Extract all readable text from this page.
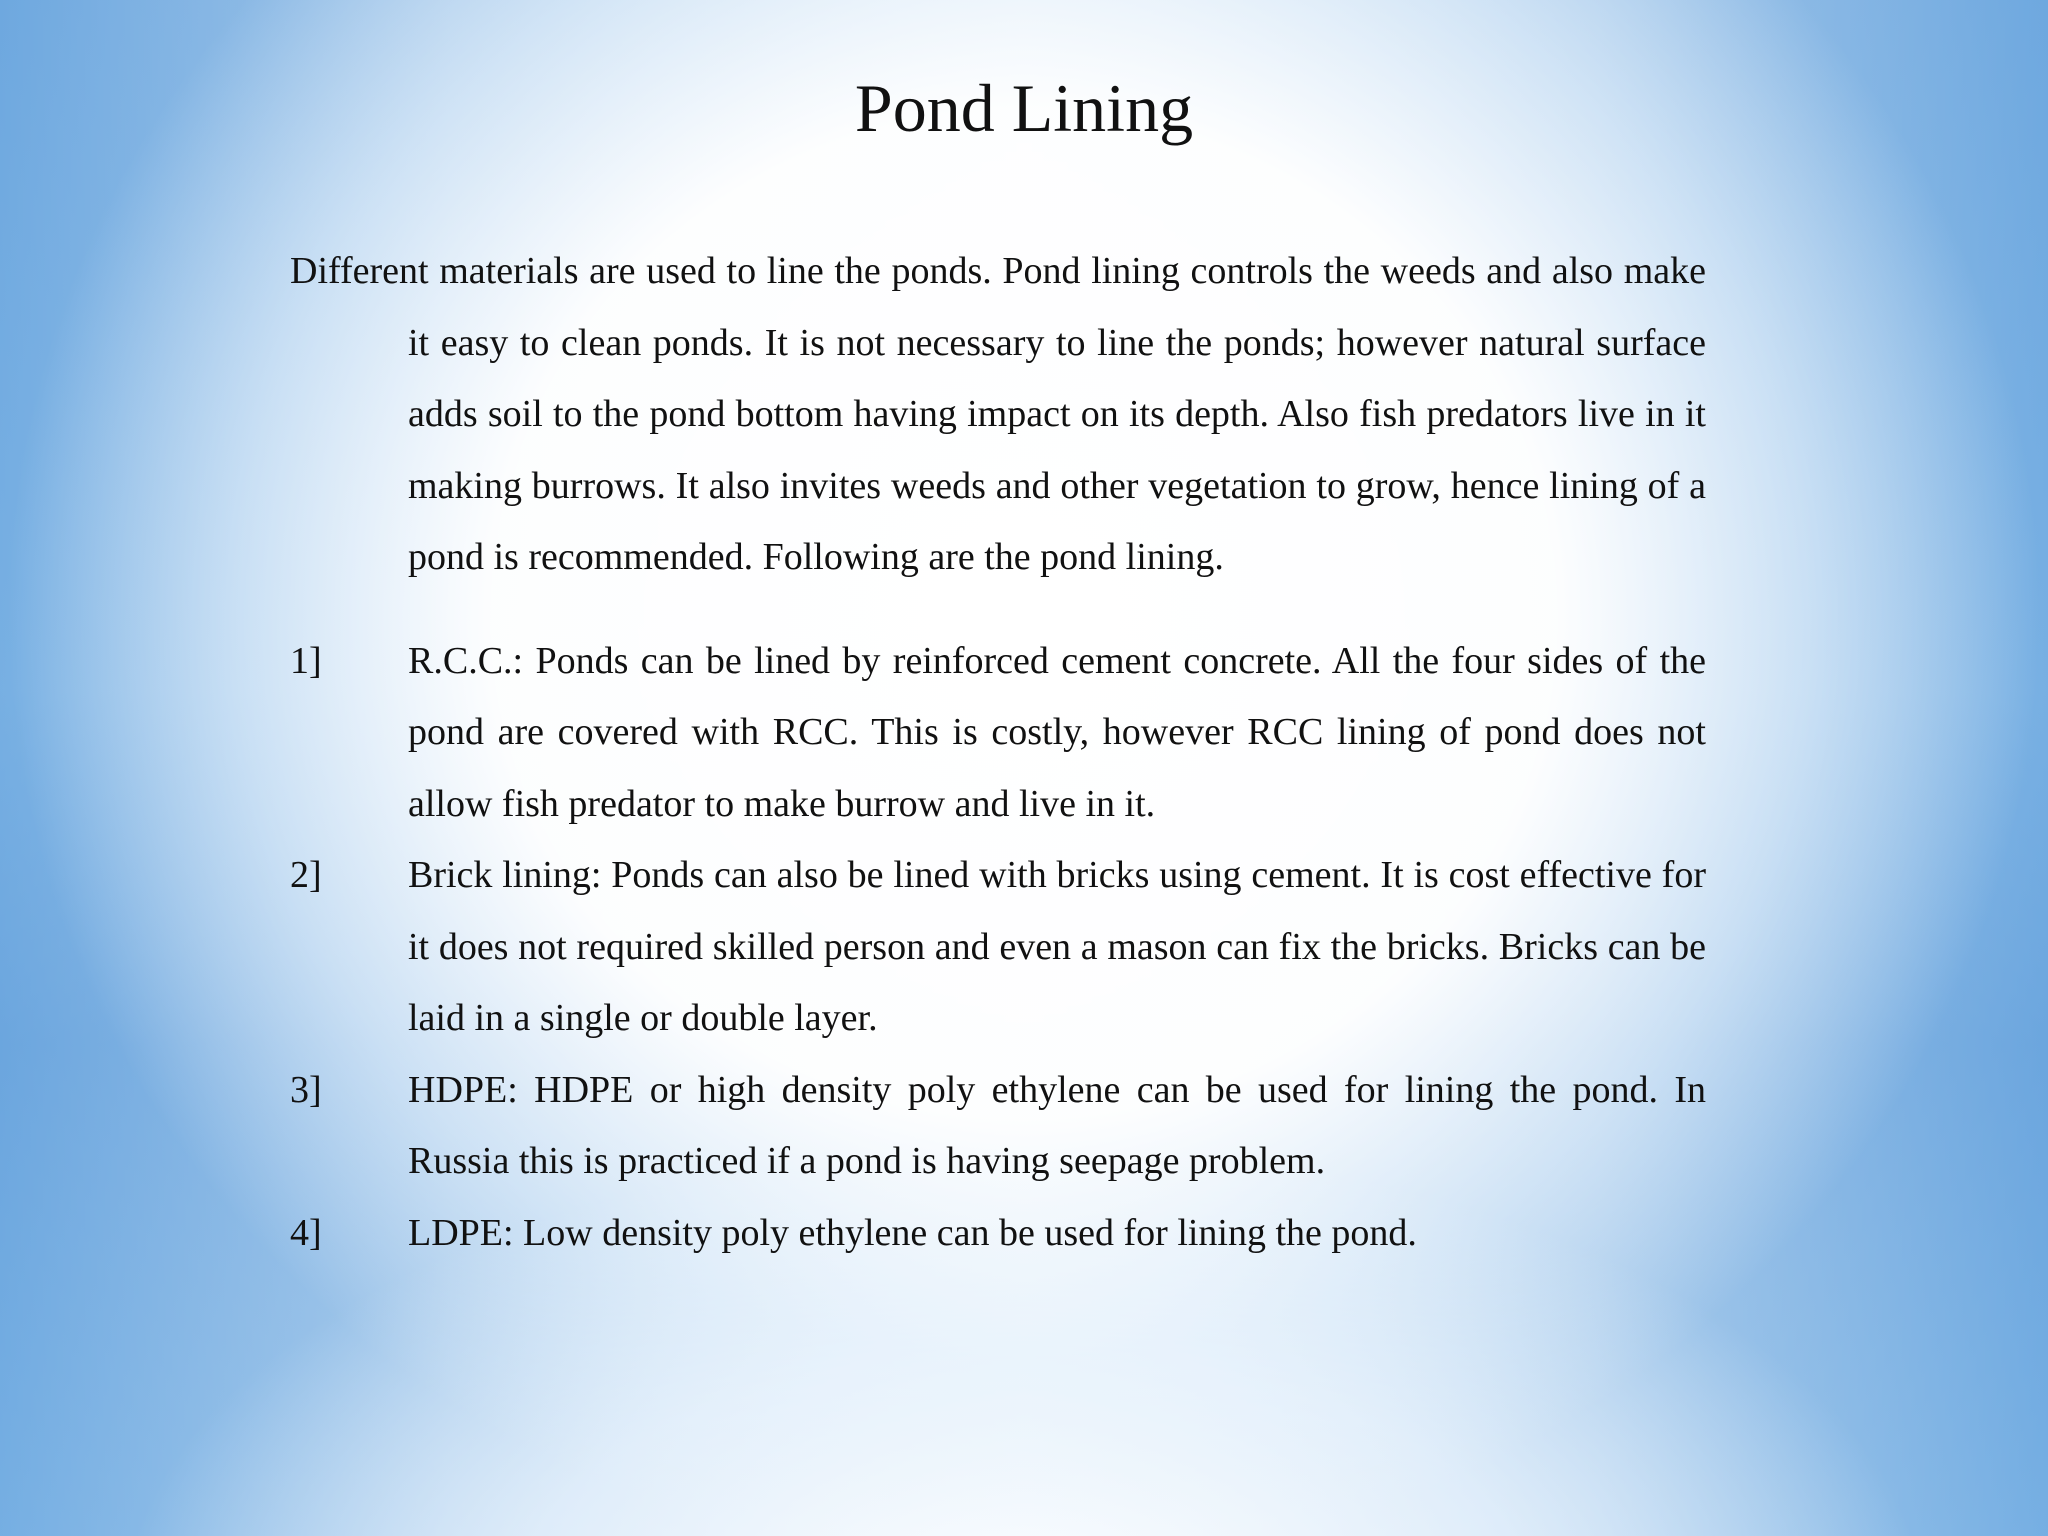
Pond Lining

Different materials are used to line the ponds. Pond lining controls the weeds and also make it easy to clean ponds. It is not necessary to line the ponds; however natural surface adds soil to the pond bottom having impact on its depth. Also fish predators live in it making burrows. It also invites weeds and other vegetation to grow, hence lining of a pond is recommended. Following are the pond lining.

1]	R.C.C.: Ponds can be lined by reinforced cement concrete. All the four sides of the pond are covered with RCC. This is costly, however RCC lining of pond does not allow fish predator to make burrow and live in it.
2]	Brick lining: Ponds can also be lined with bricks using cement. It is cost effective for it does not required skilled person and even a mason can fix the bricks. Bricks can be laid in a single or double layer.
3]	HDPE: HDPE or high density poly ethylene can be used for lining the pond. In Russia this is practiced if a pond is having seepage problem.
4]	LDPE: Low density poly ethylene can be used for lining the pond.
